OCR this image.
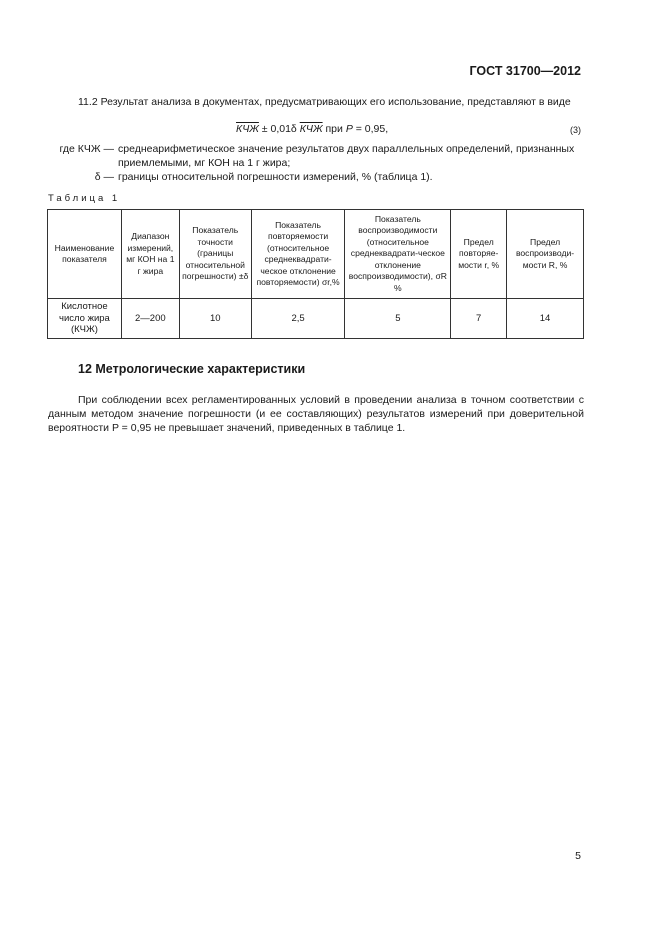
ГОСТ 31700—2012
11.2 Результат анализа в документах, предусматривающих его использование, представляют в виде
КЧЖ ± 0,01δ КЧЖ при P = 0,95,	(3)
где КЧЖ — среднеарифметическое значение результатов двух параллельных определений, признанных приемлемыми, мг КОН на 1 г жира;
δ — границы относительной погрешности измерений, % (таблица 1).
Таблица 1
Наименование показателя	Диапазон измерений, мг КОН на 1 г жира	Показатель точности (границы относительной погрешности) ±δ	Показатель повторяемости (относительное среднеквадрати-ческое отклонение повторяемости) σr,%	Показатель воспроизводимости (относительное среднеквадрати-ческое отклонение воспроизводимости), σR %	Предел повторяе-мости r, %	Предел воспроизводи-мости R, %
Кислотное число жира (КЧЖ)	2—200	10	2,5	5	7	14
12 Метрологические характеристики
При соблюдении всех регламентированных условий в проведении анализа в точном соответствии с данным методом значение погрешности (и ее составляющих) результатов измерений при доверительной вероятности P = 0,95 не превышает значений, приведенных в таблице 1.
5
